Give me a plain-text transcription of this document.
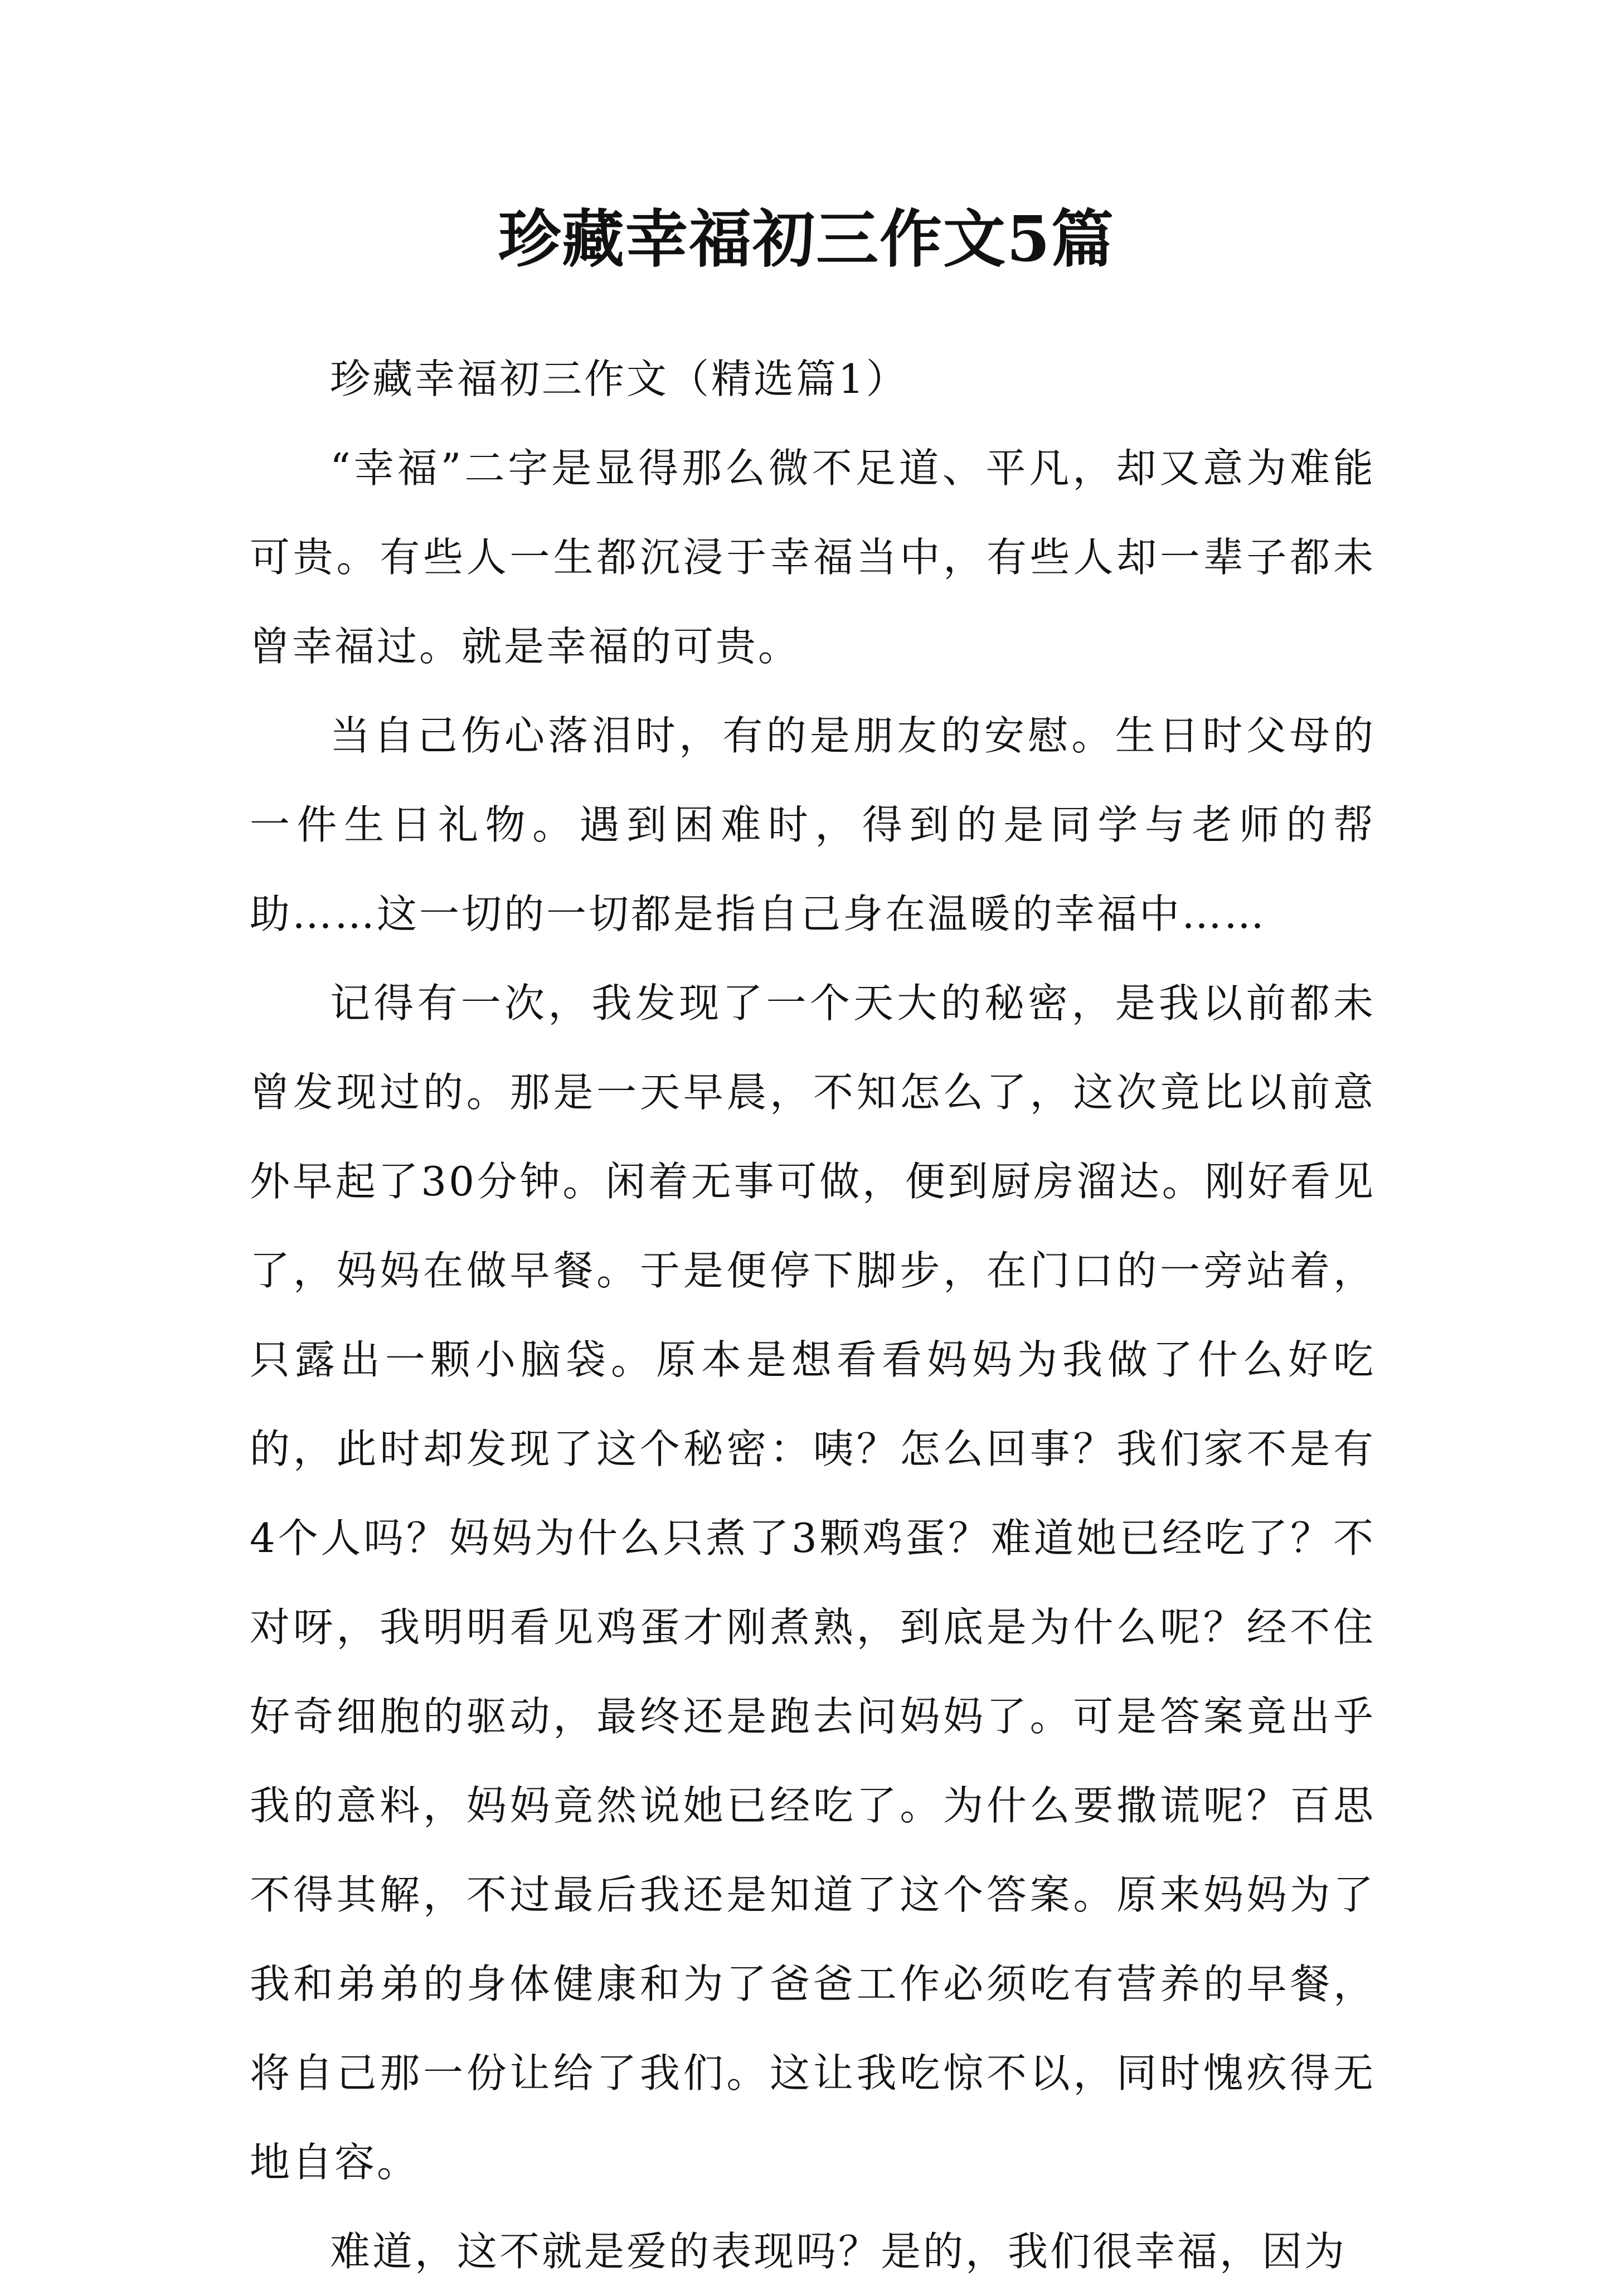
珍藏幸福初三作文5篇

珍藏幸福初三作文（精选篇1）

“幸福”二字是显得那么微不足道、平凡，却又意为难能可贵。有些人一生都沉浸于幸福当中，有些人却一辈子都未曾幸福过。就是幸福的可贵。

当自己伤心落泪时，有的是朋友的安慰。生日时父母的一件生日礼物。遇到困难时，得到的是同学与老师的帮助……这一切的一切都是指自己身在温暖的幸福中……

记得有一次，我发现了一个天大的秘密，是我以前都未曾发现过的。那是一天早晨，不知怎么了，这次竟比以前意外早起了30分钟。闲着无事可做，便到厨房溜达。刚好看见了，妈妈在做早餐。于是便停下脚步，在门口的一旁站着，只露出一颗小脑袋。原本是想看看妈妈为我做了什么好吃的，此时却发现了这个秘密：咦？怎么回事？我们家不是有4个人吗？妈妈为什么只煮了3颗鸡蛋？难道她已经吃了？不对呀，我明明看见鸡蛋才刚煮熟，到底是为什么呢？经不住好奇细胞的驱动，最终还是跑去问妈妈了。可是答案竟出乎我的意料，妈妈竟然说她已经吃了。为什么要撒谎呢？百思不得其解，不过最后我还是知道了这个答案。原来妈妈为了我和弟弟的身体健康和为了爸爸工作必须吃有营养的早餐，将自己那一份让给了我们。这让我吃惊不以，同时愧疚得无地自容。

难道，这不就是爱的表现吗？是的，我们很幸福，因为
